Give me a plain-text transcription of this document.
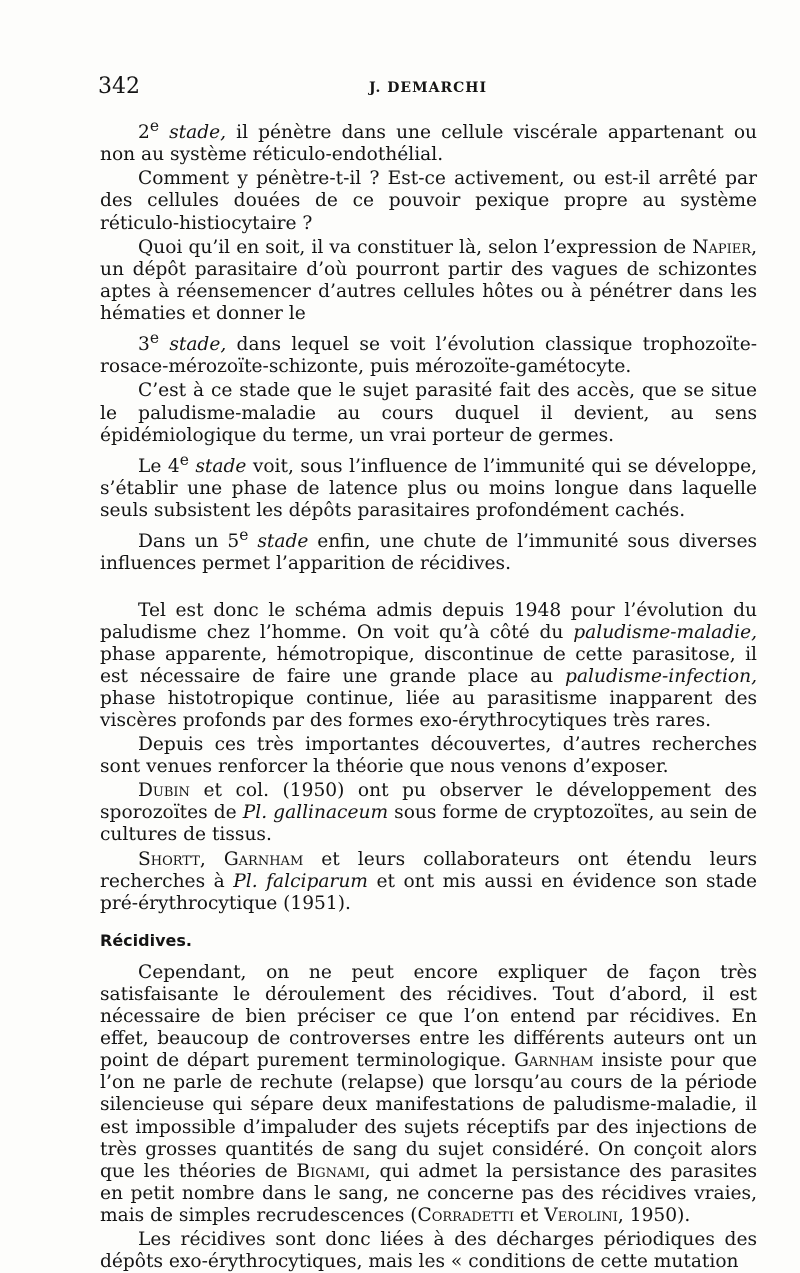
342	J. DEMARCHI

2e stade, il pénètre dans une cellule viscérale appartenant ou non au système réticulo-endothélial.

Comment y pénètre-t-il ? Est-ce activement, ou est-il arrêté par des cellules douées de ce pouvoir pexique propre au système réticulo-histiocytaire ?

Quoi qu’il en soit, il va constituer là, selon l’expression de Napier, un dépôt parasitaire d’où pourront partir des vagues de schizontes aptes à réensemencer d’autres cellules hôtes ou à pénétrer dans les hématies et donner le

3e stade, dans lequel se voit l’évolution classique trophozoïte-rosace-mérozoïte-schizonte, puis mérozoïte-gamétocyte.

C’est à ce stade que le sujet parasité fait des accès, que se situe le paludisme-maladie au cours duquel il devient, au sens épidémiologique du terme, un vrai porteur de germes.

Le 4e stade voit, sous l’influence de l’immunité qui se développe, s’établir une phase de latence plus ou moins longue dans laquelle seuls subsistent les dépôts parasitaires profondément cachés.

Dans un 5e stade enfin, une chute de l’immunité sous diverses influences permet l’apparition de récidives.

Tel est donc le schéma admis depuis 1948 pour l’évolution du paludisme chez l’homme. On voit qu’à côté du paludisme-maladie, phase apparente, hémotropique, discontinue de cette parasitose, il est nécessaire de faire une grande place au paludisme-infection, phase histotropique continue, liée au parasitisme inapparent des viscères profonds par des formes exo-érythrocytiques très rares.

Depuis ces très importantes découvertes, d’autres recherches sont venues renforcer la théorie que nous venons d’exposer.

Dubin et col. (1950) ont pu observer le développement des sporozoïtes de Pl. gallinaceum sous forme de cryptozoïtes, au sein de cultures de tissus.

Shortt, Garnham et leurs collaborateurs ont étendu leurs recherches à Pl. falciparum et ont mis aussi en évidence son stade pré-érythrocytique (1951).

Récidives.

Cependant, on ne peut encore expliquer de façon très satisfaisante le déroulement des récidives. Tout d’abord, il est nécessaire de bien préciser ce que l’on entend par récidives. En effet, beaucoup de controverses entre les différents auteurs ont un point de départ purement terminologique. Garnham insiste pour que l’on ne parle de rechute (relapse) que lorsqu’au cours de la période silencieuse qui sépare deux manifestations de paludisme-maladie, il est impossible d’impaluder des sujets réceptifs par des injections de très grosses quantités de sang du sujet considéré. On conçoit alors que les théories de Bignami, qui admet la persistance des parasites en petit nombre dans le sang, ne concerne pas des récidives vraies, mais de simples recrudescences (Corradetti et Verolini, 1950).

Les récidives sont donc liées à des décharges périodiques des dépôts exo-érythrocytiques, mais les « conditions de cette mutation
